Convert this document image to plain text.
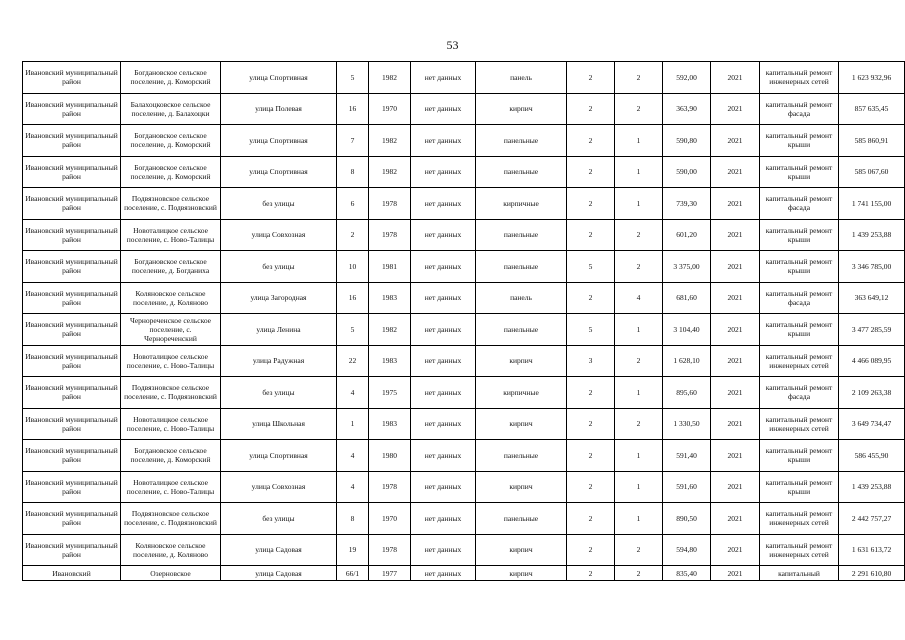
53
Ивановский муниципальный район	Богдановское сельское поселение, д. Коморский	улица Спортивная	5	1982	нет данных	панель	2	2	592,00	2021	капитальный ремонт инженерных сетей	1 623 932,96
Ивановский муниципальный район	Балахоцковское сельское поселение, д. Балахоцки	улица Полевая	16	1970	нет данных	кирпич	2	2	363,90	2021	капитальный ремонт фасада	857 635,45
Ивановский муниципальный район	Богдановское сельское поселение, д. Коморский	улица Спортивная	7	1982	нет данных	панельные	2	1	590,80	2021	капитальный ремонт крыши	585 860,91
Ивановский муниципальный район	Богдановское сельское поселение, д. Коморский	улица Спортивная	8	1982	нет данных	панельные	2	1	590,00	2021	капитальный ремонт крыши	585 067,60
Ивановский муниципальный район	Подвязновское сельское поселение, с. Подвязновский	без улицы	6	1978	нет данных	кирпичные	2	1	739,30	2021	капитальный ремонт фасада	1 741 155,00
Ивановский муниципальный район	Новоталицкое сельское поселение, с. Ново-Талицы	улица Совхозная	2	1978	нет данных	панельные	2	2	601,20	2021	капитальный ремонт крыши	1 439 253,88
Ивановский муниципальный район	Богдановское сельское поселение, д. Богданиха	без улицы	10	1981	нет данных	панельные	5	2	3 375,00	2021	капитальный ремонт крыши	3 346 785,00
Ивановский муниципальный район	Коляновское сельское поселение, д. Коляново	улица Загородная	16	1983	нет данных	панель	2	4	681,60	2021	капитальный ремонт фасада	363 649,12
Ивановский муниципальный район	Чернореченское сельское поселение, с. Чернореченский	улица Ленина	5	1982	нет данных	панельные	5	1	3 104,40	2021	капитальный ремонт крыши	3 477 285,59
Ивановский муниципальный район	Новоталицкое сельское поселение, с. Ново-Талицы	улица Радужная	22	1983	нет данных	кирпич	3	2	1 628,10	2021	капитальный ремонт инженерных сетей	4 466 089,95
Ивановский муниципальный район	Подвязновское сельское поселение, с. Подвязновский	без улицы	4	1975	нет данных	кирпичные	2	1	895,60	2021	капитальный ремонт фасада	2 109 263,38
Ивановский муниципальный район	Новоталицкое сельское поселение, с. Ново-Талицы	улица Школьная	1	1983	нет данных	кирпич	2	2	1 330,50	2021	капитальный ремонт инженерных сетей	3 649 734,47
Ивановский муниципальный район	Богдановское сельское поселение, д. Коморский	улица Спортивная	4	1980	нет данных	панельные	2	1	591,40	2021	капитальный ремонт крыши	586 455,90
Ивановский муниципальный район	Новоталицкое сельское поселение, с. Ново-Талицы	улица Совхозная	4	1978	нет данных	кирпич	2	1	591,60	2021	капитальный ремонт крыши	1 439 253,88
Ивановский муниципальный район	Подвязновское сельское поселение, с. Подвязновский	без улицы	8	1970	нет данных	панельные	2	1	890,50	2021	капитальный ремонт инженерных сетей	2 442 757,27
Ивановский муниципальный район	Коляновское сельское поселение, д. Коляново	улица Садовая	19	1978	нет данных	кирпич	2	2	594,80	2021	капитальный ремонт инженерных сетей	1 631 613,72
Ивановский	Озерновское	улица Садовая	66/1	1977	нет данных	кирпич	2	2	835,40	2021	капитальный	2 291 610,80
